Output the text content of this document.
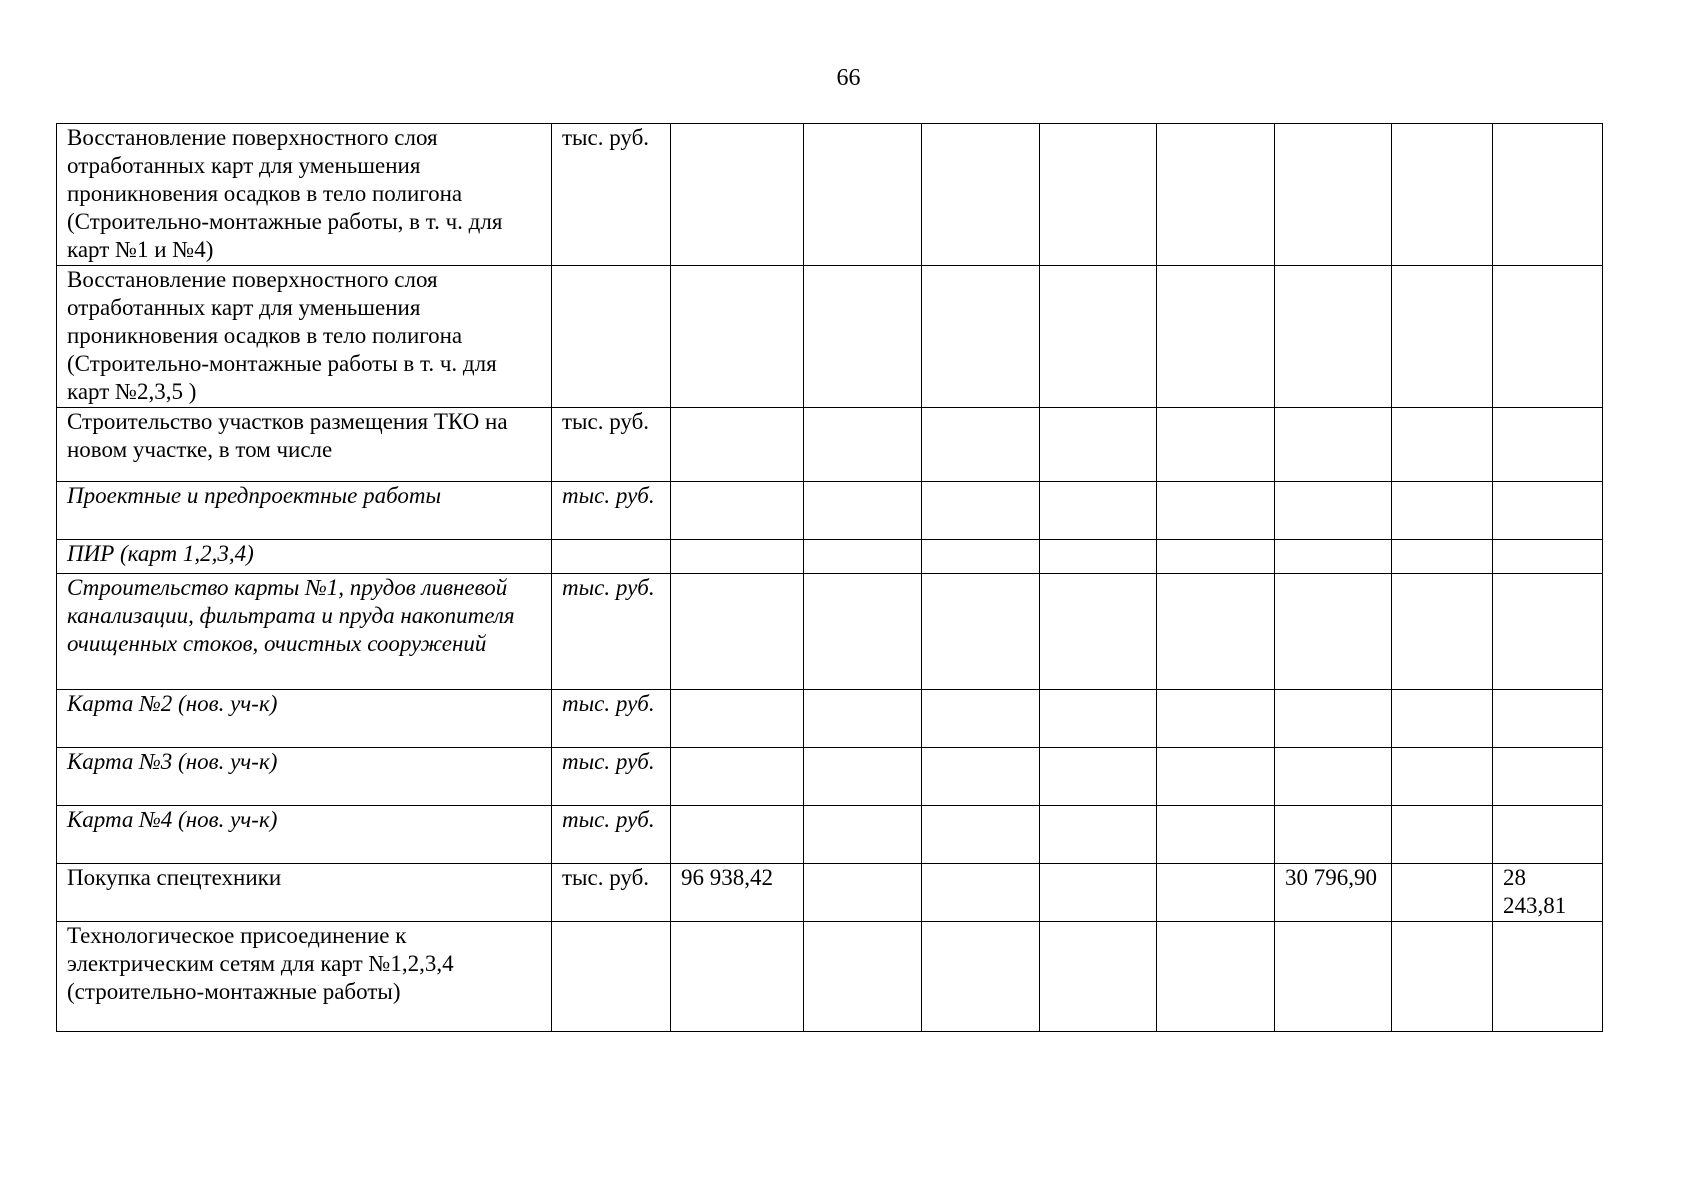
66
Восстановление поверхностного слоя отработанных карт для уменьшения проникновения осадков в тело полигона (Строительно-монтажные работы, в т. ч. для карт №1 и №4)	тыс. руб.								
Восстановление поверхностного слоя отработанных карт для уменьшения проникновения осадков в тело полигона (Строительно-монтажные работы в т. ч. для карт №2,3,5 )									
Строительство участков размещения ТКО на новом участке, в том числе	тыс. руб.								
Проектные и предпроектные работы	тыс. руб.								
ПИР (карт 1,2,3,4)									
Строительство карты №1, прудов ливневой канализации, фильтрата и пруда накопителя очищенных стоков, очистных сооружений	тыс. руб.								
Карта №2 (нов. уч-к)	тыс. руб.								
Карта №3 (нов. уч-к)	тыс. руб.								
Карта №4 (нов. уч-к)	тыс. руб.								
Покупка спецтехники	тыс. руб.	96 938,42					30 796,90		28 243,81
Технологическое присоединение к электрическим сетям для карт №1,2,3,4 (строительно-монтажные работы)									
